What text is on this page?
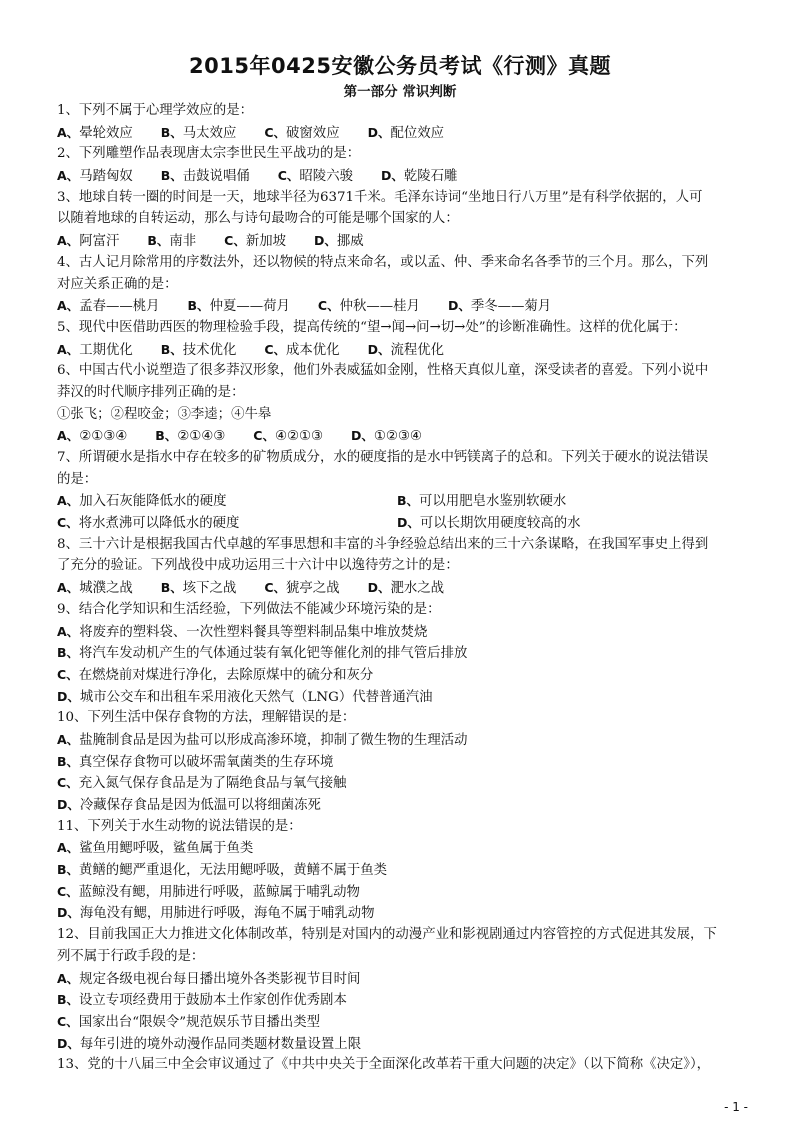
2015年0425安徽公务员考试《行测》真题
第一部分 常识判断
1、下列不属于心理学效应的是：
A、晕轮效应 B、马太效应 C、破窗效应 D、配位效应
2、下列雕塑作品表现唐太宗李世民生平战功的是：
A、马踏匈奴 B、击鼓说唱俑 C、昭陵六骏 D、乾陵石雕
3、地球自转一圈的时间是一天，地球半径为6371千米。毛泽东诗词“坐地日行八万里”是有科学依据的，人可
以随着地球的自转运动，那么与诗句最吻合的可能是哪个国家的人：
A、阿富汗 B、南非 C、新加坡 D、挪威
4、古人记月除常用的序数法外，还以物候的特点来命名，或以孟、仲、季来命名各季节的三个月。那么，下列
对应关系正确的是：
A、孟春——桃月 B、仲夏——荷月 C、仲秋——桂月 D、季冬——菊月
5、现代中医借助西医的物理检验手段，提高传统的“望→闻→问→切→处”的诊断准确性。这样的优化属于：
A、工期优化 B、技术优化 C、成本优化 D、流程优化
6、中国古代小说塑造了很多莽汉形象，他们外表威猛如金刚，性格天真似儿童，深受读者的喜爱。下列小说中
莽汉的时代顺序排列正确的是：
①张飞；②程咬金；③李逵；④牛皋
A、②①③④ B、②①④③ C、④②①③ D、①②③④
7、所谓硬水是指水中存在较多的矿物质成分，水的硬度指的是水中钙镁离子的总和。下列关于硬水的说法错误
的是：
A、加入石灰能降低水的硬度	B、可以用肥皂水鉴别软硬水
C、将水煮沸可以降低水的硬度	D、可以长期饮用硬度较高的水
8、三十六计是根据我国古代卓越的军事思想和丰富的斗争经验总结出来的三十六条谋略，在我国军事史上得到
了充分的验证。下列战役中成功运用三十六计中以逸待劳之计的是：
A、城濮之战 B、垓下之战 C、猇亭之战 D、淝水之战
9、结合化学知识和生活经验，下列做法不能减少环境污染的是：
A、将废弃的塑料袋、一次性塑料餐具等塑料制品集中堆放焚烧
B、将汽车发动机产生的气体通过装有氧化钯等催化剂的排气管后排放
C、在燃烧前对煤进行净化，去除原煤中的硫分和灰分
D、城市公交车和出租车采用液化天然气（LNG）代替普通汽油
10、下列生活中保存食物的方法，理解错误的是：
A、盐腌制食品是因为盐可以形成高渗环境，抑制了微生物的生理活动
B、真空保存食物可以破坏需氧菌类的生存环境
C、充入氮气保存食品是为了隔绝食品与氧气接触
D、冷藏保存食品是因为低温可以将细菌冻死
11、下列关于水生动物的说法错误的是：
A、鲨鱼用鳃呼吸，鲨鱼属于鱼类
B、黄鳝的鳃严重退化，无法用鳃呼吸，黄鳝不属于鱼类
C、蓝鲸没有鳃，用肺进行呼吸，蓝鲸属于哺乳动物
D、海龟没有鳃，用肺进行呼吸，海龟不属于哺乳动物
12、目前我国正大力推进文化体制改革，特别是对国内的动漫产业和影视剧通过内容管控的方式促进其发展，下
列不属于行政手段的是：
A、规定各级电视台每日播出境外各类影视节目时间
B、设立专项经费用于鼓励本土作家创作优秀剧本
C、国家出台“限娱令”规范娱乐节目播出类型
D、每年引进的境外动漫作品同类题材数量设置上限
13、党的十八届三中全会审议通过了《中共中央关于全面深化改革若干重大问题的决定》（以下简称《决定》），
- 1 -
